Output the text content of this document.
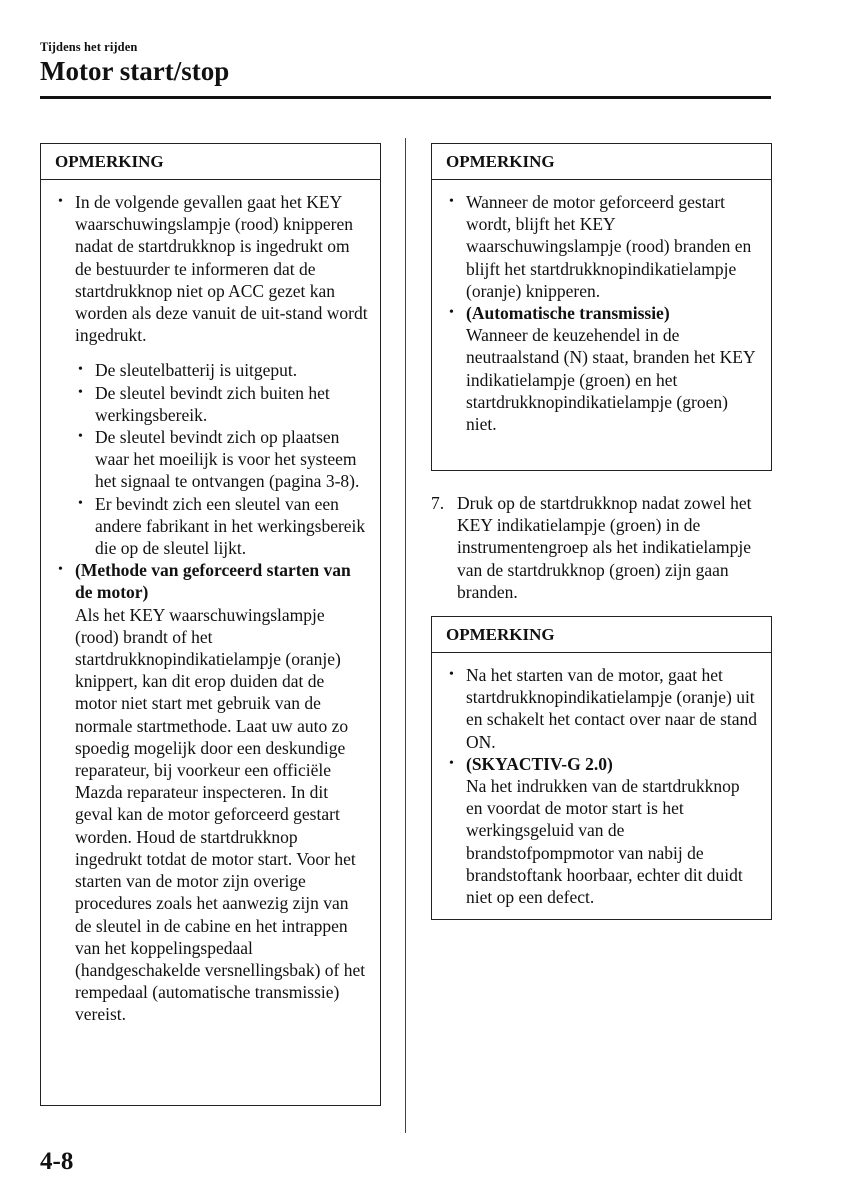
Tijdens het rijden
Motor start/stop
OPMERKING
• In de volgende gevallen gaat het KEY waarschuwingslampje (rood) knipperen nadat de startdrukknop is ingedrukt om de bestuurder te informeren dat de startdrukknop niet op ACC gezet kan worden als deze vanuit de uit-stand wordt ingedrukt.
• De sleutelbatterij is uitgeput.
• De sleutel bevindt zich buiten het werkingsbereik.
• De sleutel bevindt zich op plaatsen waar het moeilijk is voor het systeem het signaal te ontvangen (pagina 3-8).
• Er bevindt zich een sleutel van een andere fabrikant in het werkingsbereik die op de sleutel lijkt.
• (Methode van geforceerd starten van de motor)
Als het KEY waarschuwingslampje (rood) brandt of het startdrukknopindikatielampje (oranje) knippert, kan dit erop duiden dat de motor niet start met gebruik van de normale startmethode. Laat uw auto zo spoedig mogelijk door een deskundige reparateur, bij voorkeur een officiële Mazda reparateur inspecteren. In dit geval kan de motor geforceerd gestart worden. Houd de startdrukknop ingedrukt totdat de motor start. Voor het starten van de motor zijn overige procedures zoals het aanwezig zijn van de sleutel in de cabine en het intrappen van het koppelingspedaal (handgeschakelde versnellingsbak) of het rempedaal (automatische transmissie) vereist.
OPMERKING
• Wanneer de motor geforceerd gestart wordt, blijft het KEY waarschuwingslampje (rood) branden en blijft het startdrukknopindikatielampje (oranje) knipperen.
• (Automatische transmissie)
Wanneer de keuzehendel in de neutraalstand (N) staat, branden het KEY indikatielampje (groen) en het startdrukknopindikatielampje (groen) niet.
7. Druk op de startdrukknop nadat zowel het KEY indikatielampje (groen) in de instrumentengroep als het indikatielampje van de startdrukknop (groen) zijn gaan branden.
OPMERKING
• Na het starten van de motor, gaat het startdrukknopindikatielampje (oranje) uit en schakelt het contact over naar de stand ON.
• (SKYACTIV-G 2.0)
Na het indrukken van de startdrukknop en voordat de motor start is het werkingsgeluid van de brandstofpompmotor van nabij de brandstoftank hoorbaar, echter dit duidt niet op een defect.
4-8
